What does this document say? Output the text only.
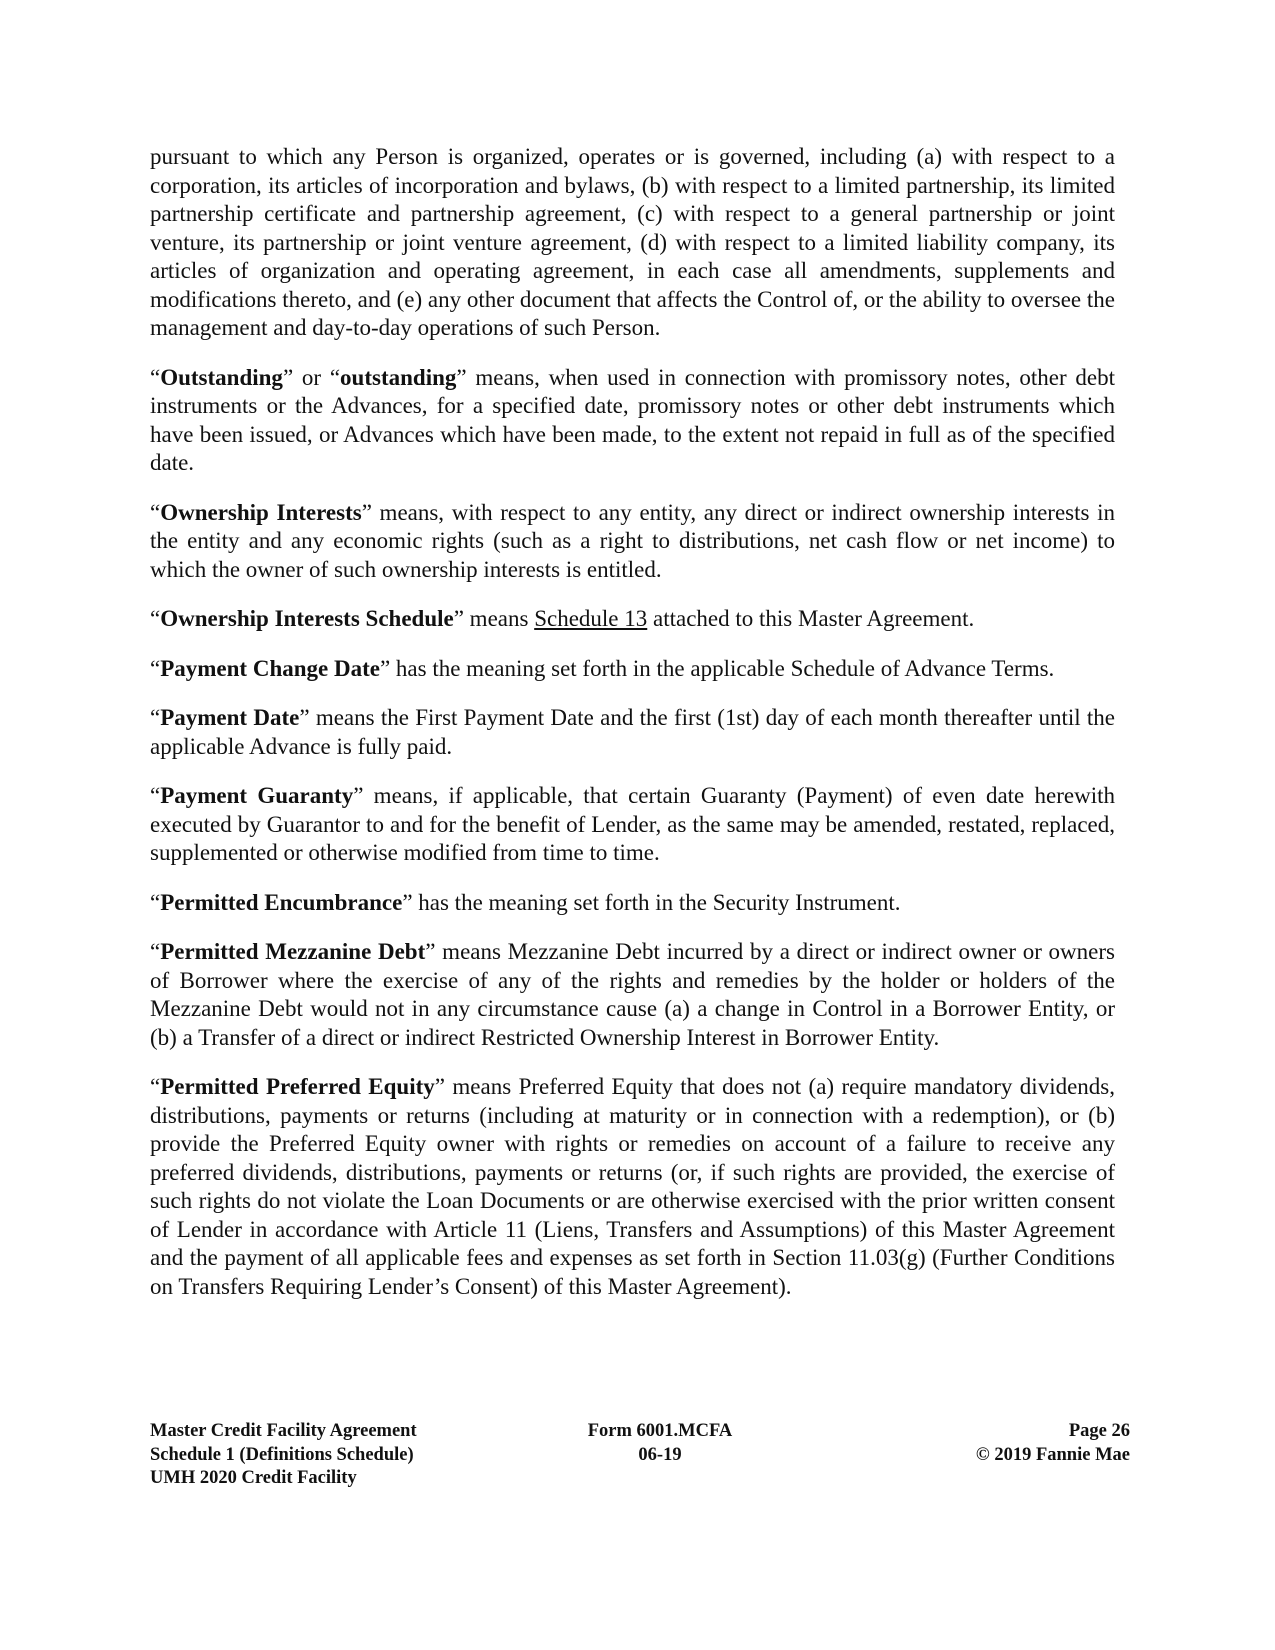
pursuant to which any Person is organized, operates or is governed, including (a) with respect to a corporation, its articles of incorporation and bylaws, (b) with respect to a limited partnership, its limited partnership certificate and partnership agreement, (c) with respect to a general partnership or joint venture, its partnership or joint venture agreement, (d) with respect to a limited liability company, its articles of organization and operating agreement, in each case all amendments, supplements and modifications thereto, and (e) any other document that affects the Control of, or the ability to oversee the management and day-to-day operations of such Person.

“Outstanding” or “outstanding” means, when used in connection with promissory notes, other debt instruments or the Advances, for a specified date, promissory notes or other debt instruments which have been issued, or Advances which have been made, to the extent not repaid in full as of the specified date.

“Ownership Interests” means, with respect to any entity, any direct or indirect ownership interests in the entity and any economic rights (such as a right to distributions, net cash flow or net income) to which the owner of such ownership interests is entitled.

“Ownership Interests Schedule” means Schedule 13 attached to this Master Agreement.

“Payment Change Date” has the meaning set forth in the applicable Schedule of Advance Terms.

“Payment Date” means the First Payment Date and the first (1st) day of each month thereafter until the applicable Advance is fully paid.

“Payment Guaranty” means, if applicable, that certain Guaranty (Payment) of even date herewith executed by Guarantor to and for the benefit of Lender, as the same may be amended, restated, replaced, supplemented or otherwise modified from time to time.

“Permitted Encumbrance” has the meaning set forth in the Security Instrument.

“Permitted Mezzanine Debt” means Mezzanine Debt incurred by a direct or indirect owner or owners of Borrower where the exercise of any of the rights and remedies by the holder or holders of the Mezzanine Debt would not in any circumstance cause (a) a change in Control in a Borrower Entity, or (b) a Transfer of a direct or indirect Restricted Ownership Interest in Borrower Entity.

“Permitted Preferred Equity” means Preferred Equity that does not (a) require mandatory dividends, distributions, payments or returns (including at maturity or in connection with a redemption), or (b) provide the Preferred Equity owner with rights or remedies on account of a failure to receive any preferred dividends, distributions, payments or returns (or, if such rights are provided, the exercise of such rights do not violate the Loan Documents or are otherwise exercised with the prior written consent of Lender in accordance with Article 11 (Liens, Transfers and Assumptions) of this Master Agreement and the payment of all applicable fees and expenses as set forth in Section 11.03(g) (Further Conditions on Transfers Requiring Lender’s Consent) of this Master Agreement).

Master Credit Facility Agreement
Schedule 1 (Definitions Schedule)
UMH 2020 Credit Facility
Form 6001.MCFA
06-19
Page 26
© 2019 Fannie Mae
